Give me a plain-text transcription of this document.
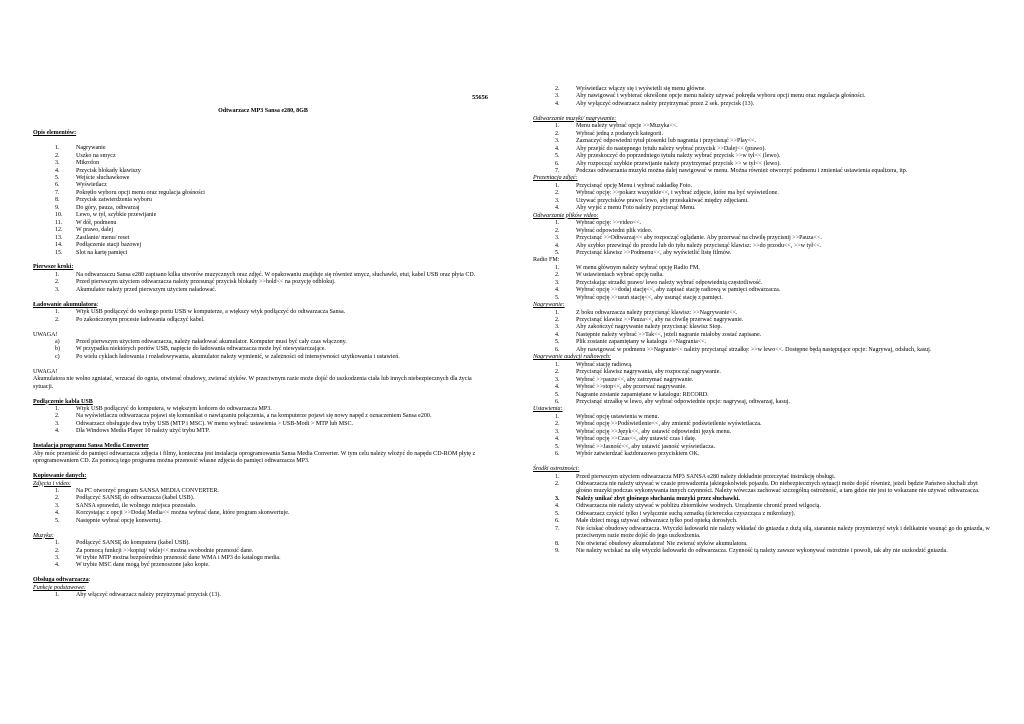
55656

Odtwarzacz MP3 Sansa e280, 8GB

Opis elementów:

1.	Nagrywanie
2.	Uszko na smycz
3.	Mikrofon
4.	Przycisk blokady klawiszy
5.	Wejście słuchawkowe
6.	Wyświetlacz
7.	Pokrętło wyboru opcji menu oraz regulacja głośności
8.	Przycisk zatwierdzenia wyboru
9.	Do góry, pauza, odtwarzaj
10. Lewo, w tył, szybkie przewijanie
11. W dół, podmenu
12. W prawo, dalej
13. Zasilanie/ menu/ reset
14. Podłączenie stacji bazowej
15. Slot na kartę pamięci

Pierwsze kroki:

1.	Na odtwarzaczu Sansa e280 zapisano kilka utworów muzycznych oraz zdjęć. W opakowaniu znajduje się również smycz, słuchawki, etui, kabel USB oraz płyta CD.
2.	Przed pierwszym użyciem odtwarzacza należy przesunąć przycisk blokady >>hold<< na pozycję odblokuj.
3.	Akumulator należy przed pierwszym użyciem naładować.

Ładowanie akumulatora:

1.	Wtyk USB podłączyć do wolnego portu USB w komputerze, a większy wtyk podłączyć do odtwarzacza Sansa.
2.	Po zakończonym procesie ładowania odłączyć kabel.

UWAGA!

a)	Przed pierwszym użyciem odtwarzacza, należy naładować akumulator. Komputer musi być cały czas włączony.
b)	W przypadku niektórych portów USB, napięcie do ładowania odtwarzacza może być niewystarczające.
c)	Po wielu cyklach ładowania i rozładowywania, akumulator należy wymienić, w zależności od intensywności użytkowania i ustawień.

UWAGA!

Akumulatora nie wolno zgniatać, wrzucać do ognia, otwierać obudowy, zwierać styków. W przeciwnym razie może dojść do uszkodzenia ciała lub innych niebezpiecznych dla życia sytuacji.

Podłączenie kabla USB

1.	Wtyk USB podłączyć do komputera, w większym końcem do odtwarzacza MP3.
2.	Na wyświetlaczu odtwarzacza pojawi się komunikat o nawiązaniu połączenia, a na komputerze pojawi się nowy napęd z oznaczeniem Sansa e200.
3.	Odtwarzacz obsługuje dwa tryby USB (MTP i MSC). W menu wybrać: ustawienia > USB-Modi > MTP lub MSC.
4.	Dla Windows Media Player 10 należy użyć trybu MTP.

Instalacja programu Sansa Media Converter

Aby móc przenieść do pamięci odtwarzacza zdjęcia i filmy, konieczna jest instalacja oprogramowania Sansa Media Converter. W tym celu należy włożyć do napędu CD-ROM płytę z oprogramowaniem CD. Za pomocą tego programu można przenosić własne zdjęcia do pamięci odtwarzacza MP3.

Kopiowanie danych:

Zdjęcia i video:

1.	Na PC otworzyć program SANSA MEDIA CONVERTER.
2.	Podłączyć SANSĘ do odtwarzacza (kabel USB).
3.	SANSA sprawdzi, ile wolnego miejsca pozostało.
4.	Korzystając z opcji >>Dodaj Media<< można wybrać dane, które program skonwertuje.
5.	Następnie wybrać opcję konwertuj.

Muzyka:

1.	Podłączyć SANSĘ do komputera (kabel USB).
2.	Za pomocą funkcji >>kopiuj/ wklej<< można swobodnie przenosić dane.
3.	W trybie MTP można bezpośrednio przenosić dane WMA i MP3 do katalogu media.
4.	W trybie MSC dane mogą być przenoszone jako kopie.

Obsługa odtwarzacza:

Funkcje podstawowe:

1.	Aby włączyć odtwarzacz należy przytrzymać przycisk (13).
2.	Wyświetlacz włączy się i wyświetli się menu główne.
3.	Aby nawigować i wybierać określone opcje menu należy używać pokrętła wyboru opcji menu oraz regulacja głośności.
4.	Aby wyłączyć odtwarzacz należy przytrzymać przez 2 sek. przycisk (13).

Odtwarzanie muzyki/ nagrywanie:

1.	Menu należy wybrać opcje >>Muzyka<<.
2.	Wybrać jedną z podanych kategorii.
3.	Zaznaczyć odpowiedni tytuł piosenki lub nagrania i przycisnąć >>Play<<.
4.	Aby przejść do następnego tytułu należy wybrać przycisk >>Dalej<< (prawo).
5.	Aby przeskoczyć do poprzedniego tytułu należy wybrać przycisk >>w tył<< (lewo).
6.	Aby rozpocząć szybkie przewijanie należy przytrzymać przycisk >> w tył<< (lewo).
7.	Podczas odtwarzania muzyki można dalej nawigować w menu. Można również otworzyć podmenu i zmieniać ustawienia equalizera, itp.

Prezentacja zdjęć:

1.	Przycisnąć opcję Menu i wybrać zakładkę Foto.
2.	Wybrać opcję: >>pokarz wszystkie<<, i wybrać zdjęcie, które ma być wyświetlone.
3.	Używać przycisków prawo/ lewo, aby przeskakiwać między zdjęciami.
4.	Aby wyjść z menu Foto należy przycisnąć Menu.

Odtwarzanie plików video:

1.	Wybrać opcję: >>video<<.
2.	Wybrać odpowiedni plik video.
3.	Przycisnąć >>Odtwarzaj<< aby rozpocząć oglądanie. Aby przerwać na chwilę przycisnij >>Pauza<<.
4.	Aby szybko przewinąć do przodu lub do tyłu należy przycisnąć klawisz: >>do przodu<<, >>w tył<<.
5.	Przycisnąć klawisz >>Podmenu<<, aby wyświetlić listę filmów.

Radio FM:

1.	W menu głównym należy wybrać opcję Radio FM.
2.	W ustawieniach wybrać opcję radia.
3.	Przyciskając strzałki prawo/ lewo należy wybrać odpowiednią częstotliwość.
4.	Wybrać opcję >>dodaj stację<<, aby zapisać stację radiową w pamięci odtwarzacza.
5.	Wybrać opcję >>usuń stację<<, aby usunąć stację z pamięci.

Nagrywanie:

1.	Z boku odtwarzacza należy przycisnąć klawisz: >>Nagrywanie<<.
2.	Przycisnąć klawisz >>Pauza<<, aby na chwilę przerwać nagrywanie.
3.	Aby zakończyć nagrywanie należy przycisnąć klawisz Stop.
4.	Następnie należy wybrać >>Tak<<, jeżeli nagranie miałoby zostać zapisane.
5.	Plik zostanie zapamiętany w katalogu >>Nagrania<<.
6.	Aby nawigować w podmenu >>Nagranie<< należy przycisnąć strzałkę: >>w lewo<<. Dostępne będą następujące opcje: Nagrywaj, odsłuch, kasuj.

Nagrywanie audycji radiowych:

1.	Wybrać stację radiową.
2.	Przycisnąć klawisz nagrywania, aby rozpocząć nagrywanie.
3.	Wybrać >>pauze<<, aby zatrzymać nagrywanie.
4.	Wybrać >>stop<<, aby przerwać nagrywanie.
5.	Nagranie zostanie zapamiętane w katalogu: RECORD.
6.	Przycisnąć strzałkę w lewo, aby wybrać odpowiednie opcje: nagrywaj, odtwarzaj, kasuj.

Ustawienia:

1.	Wybrać opcję ustawienia w menu.
2.	Wybrać opcję >>Podświetlenie<<, aby zmienić podświetlenie wyświetlacza.
3.	Wybrać opcję >>Język<<, aby ustawić odpowiedni język menu.
4.	Wybrać opcję >>Czas<<, aby ustawić czas i datę.
5.	Wybrać >>Jasność<<, aby ustawić jasność wyświetlacza.
6.	Wybór zatwierdzać każdorazowo przyciskiem OK.

Środki ostrożności:

1.	Przed pierwszym użyciem odtwarzacza MP3 SANSA e280 należy dokładnie przeczytać instrukcję obsługi.
2.	Odtwarzacza nie należy używać w czasie prowadzenia jakiegokolwiek pojazdu. Do niebezpiecznych sytuacji może dojść również, jeżeli będzie Państwo słuchali zbyt głośno muzyki podczas wykonywania innych czynności. Należy wówczas zachować szczególną ostrożność, a tam gdzie nie jest to wskazane nie używać odtwarzacza.
3.	Należy unikać zbyt głośnego słuchania muzyki przez słuchawki.
4.	Odtwarzacza nie należy używać w pobliżu zbiorników wodnych. Urządzenie chronić przed wilgocią.
5.	Odtwarzacz czyścić tylko i wyłącznie suchą szmatką (ściereczka czyszcząca z mikrofazy).
6.	Małe dzieci mogą używać odtwarzacz tylko pod opieką dorosłych.
7.	Nie ściskać obudowy odtwarzacza. Wtyczki ładowarki nie należy wkładać do gniazda z dużą siłą, starannie należy przymierzyć wtyk i delikatnie wsunąć go do gniazda, w przeciwnym razie może dojść do jego uszkodzenia.
8.	Nie otwierać obudowy akumulatora! Nie zwierać styków akumulatora.
9.	Nie należy wciskać na siłę wtyczki ładowarki do odtwarzacza. Czynność tą należy zawsze wykonywać ostrożnie i powoli, tak aby nie uszkodzić gniazda.
